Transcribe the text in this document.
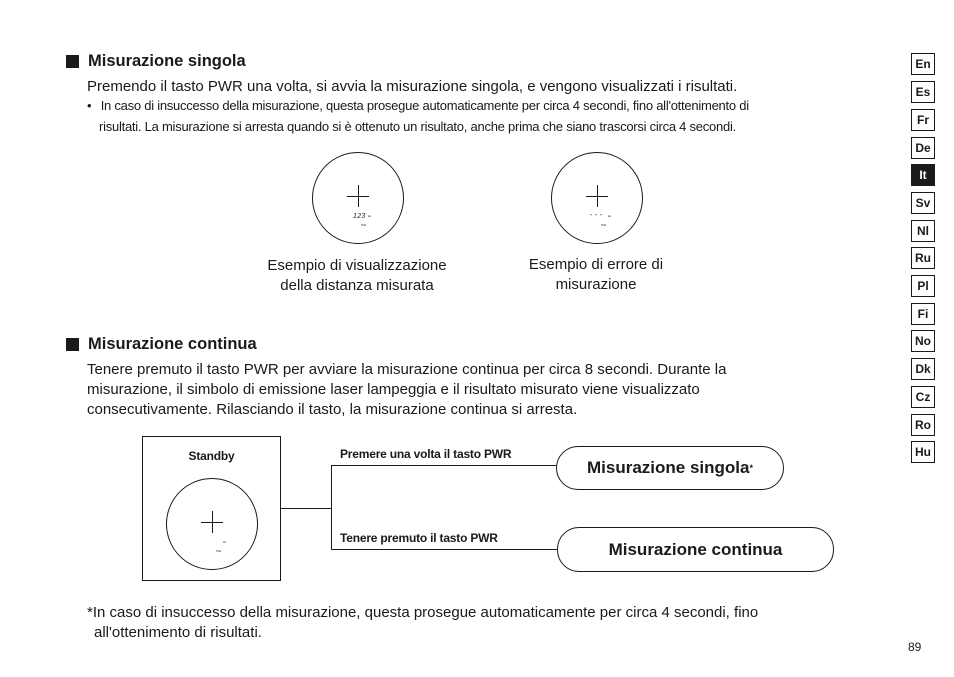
Misurazione singola
Premendo il tasto PWR una volta, si avvia la misurazione singola, e vengono visualizzati i risultati.
• In caso di insuccesso della misurazione, questa prosegue automaticamente per circa 4 secondi, fino all'ottenimento di
risultati. La misurazione si arresta quando si è ottenuto un risultato, anche prima che siano trascorsi circa 4 secondi.
123 m
Ynt
Esempio di visualizzazione
della distanza misurata
- - - m
Ynt
Esempio di errore di
misurazione
Misurazione continua
Tenere premuto il tasto PWR per avviare la misurazione continua per circa 8 secondi. Durante la
misurazione, il simbolo di emissione laser lampeggia e il risultato misurato viene visualizzato
consecutivamente. Rilasciando il tasto, la misurazione continua si arresta.
Standby
m
Ynt
Premere una volta il tasto PWR
Tenere premuto il tasto PWR
Misurazione singola *
Misurazione continua
*In caso di insuccesso della misurazione, questa prosegue automaticamente per circa 4 secondi, fino
all'ottenimento di risultati.
89
En
Es
Fr
De
It
Sv
Nl
Ru
Pl
Fi
No
Dk
Cz
Ro
Hu
